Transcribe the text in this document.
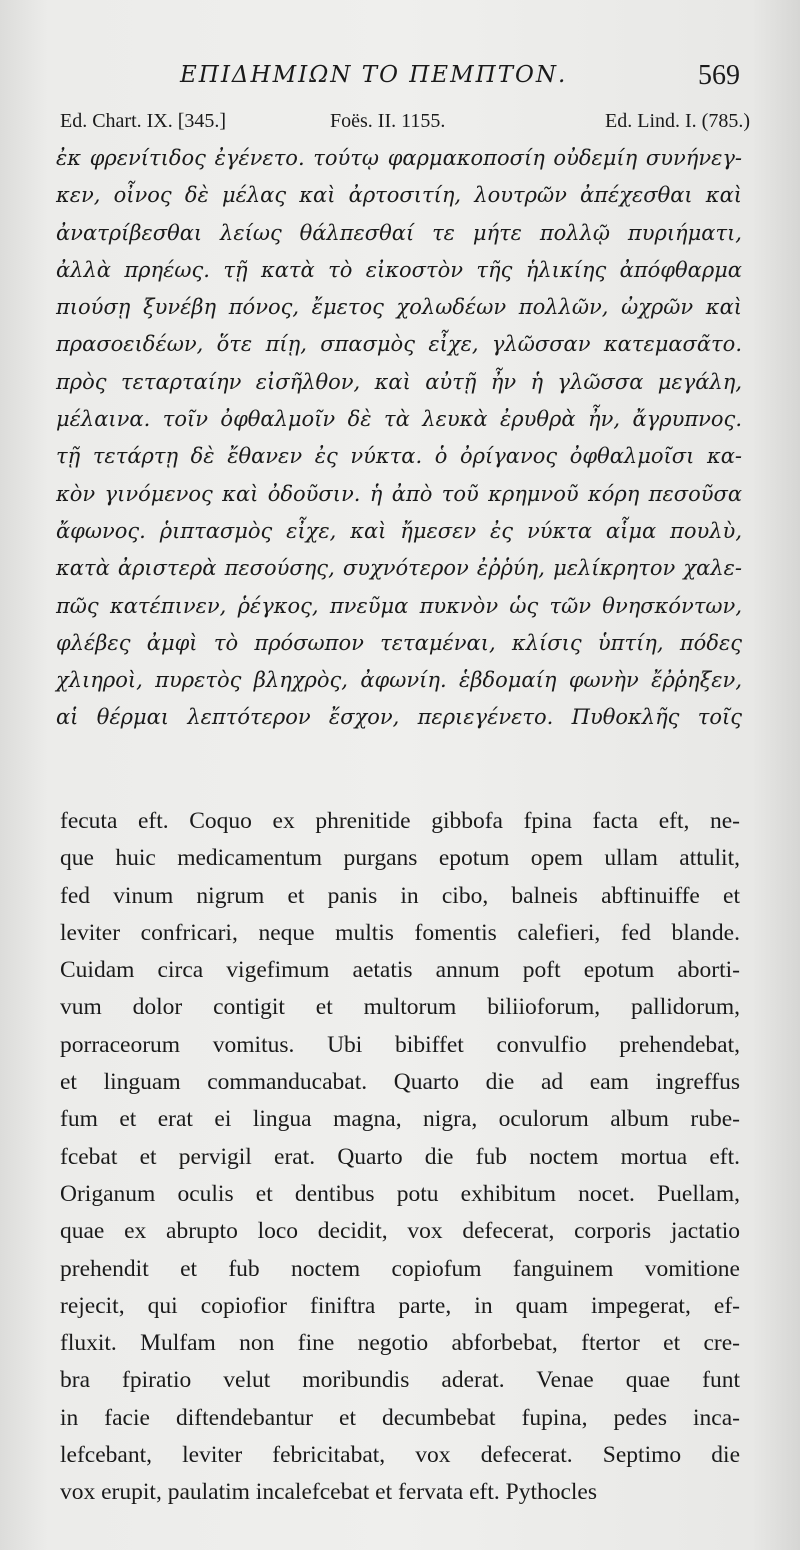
ΕΠΙΔΗΜΙΩΝ ΤΟ ΠΕΜΠΤΟΝ.	569
Ed. Chart. IX. [345.]	Foës. II. 1155.	Ed. Lind. I. (785.)
ἐκ φρενίτιδος ἐγένετο. τούτῳ φαρμακοποσίη οὐδεμίη συνήνεγ-
κεν, οἶνος δὲ μέλας καὶ ἀρτοσιτίη, λουτρῶν ἀπέχεσθαι καὶ
ἀνατρίβεσθαι λείως θάλπεσθαί τε μήτε πολλῷ πυριήματι,
ἀλλὰ πρηέως. τῇ κατὰ τὸ εἰκοστὸν τῆς ἡλικίης ἀπόφθαρμα
πιούσῃ ξυνέβη πόνος, ἔμετος χολωδέων πολλῶν, ὠχρῶν καὶ
πρασοειδέων, ὅτε πίῃ, σπασμὸς εἶχε, γλῶσσαν κατεμασᾶτο.
πρὸς τεταρταίην εἰσῆλθον, καὶ αὐτῇ ἦν ἡ γλῶσσα μεγάλη,
μέλαινα. τοῖν ὀφθαλμοῖν δὲ τὰ λευκὰ ἐρυθρὰ ἦν, ἄγρυπνος.
τῇ τετάρτῃ δὲ ἔθανεν ἐς νύκτα. ὁ ὀρίγανος ὀφθαλμοῖσι κα-
κὸν γινόμενος καὶ ὀδοῦσιν. ἡ ἀπὸ τοῦ κρημνοῦ κόρη πεσοῦσα
ἄφωνος. ῥιπτασμὸς εἶχε, καὶ ἤμεσεν ἐς νύκτα αἷμα πουλὺ,
κατὰ ἀριστερὰ πεσούσης, συχνότερον ἐῤῥύη, μελίκρητον χαλε-
πῶς κατέπινεν, ῥέγκος, πνεῦμα πυκνὸν ὡς τῶν θνησκόντων,
φλέβες ἀμφὶ τὸ πρόσωπον τεταμέναι, κλίσις ὑπτίη, πόδες
χλιηροὶ, πυρετὸς βληχρὸς, ἀφωνίη. ἑβδομαίη φωνὴν ἔῤῥηξεν,
αἱ θέρμαι λεπτότερον ἔσχον, περιεγένετο. Πυθοκλῆς τοῖς
fecuta eft. Coquo ex phrenitide gibbofa fpina facta eft, ne-
que huic medicamentum purgans epotum opem ullam attulit,
fed vinum nigrum et panis in cibo, balneis abftinuiffe et
leviter confricari, neque multis fomentis calefieri, fed blande.
Cuidam circa vigefimum aetatis annum poft epotum aborti-
vum dolor contigit et multorum biliioforum, pallidorum,
porraceorum vomitus. Ubi bibiffet convulfio prehendebat,
et linguam commanducabat. Quarto die ad eam ingreffus
fum et erat ei lingua magna, nigra, oculorum album rube-
fcebat et pervigil erat. Quarto die fub noctem mortua eft.
Origanum oculis et dentibus potu exhibitum nocet. Puellam,
quae ex abrupto loco decidit, vox defecerat, corporis jactatio
prehendit et fub noctem copiofum fanguinem vomitione
rejecit, qui copiofior finiftra parte, in quam impegerat, ef-
fluxit. Mulfam non fine negotio abforbebat, ftertor et cre-
bra fpiratio velut moribundis aderat. Venae quae funt
in facie diftendebantur et decumbebat fupina, pedes inca-
lefcebant, leviter febricitabat, vox defecerat. Septimo die
vox erupit, paulatim incalefcebat et fervata eft. Pythocles
